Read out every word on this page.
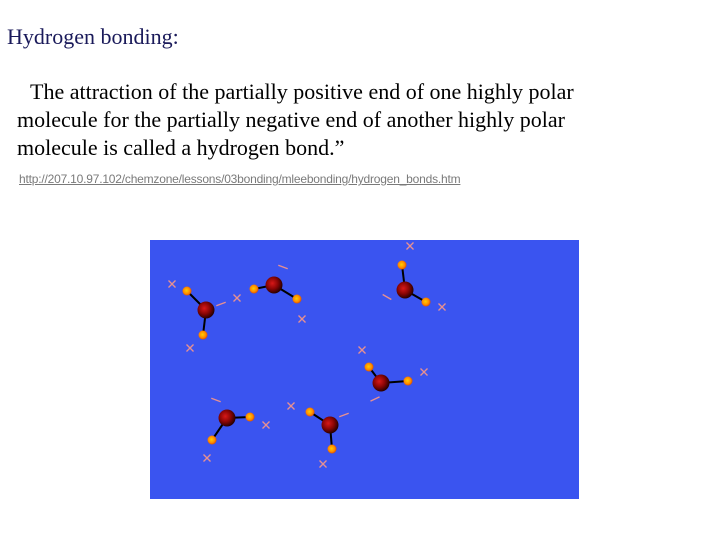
Hydrogen bonding:
The attraction of the partially positive end of one highly polar molecule for the partially negative end of another highly polar molecule is called a hydrogen bond.”
http://207.10.97.102/chemzone/lessons/03bonding/mleebonding/hydrogen_bonds.htm
